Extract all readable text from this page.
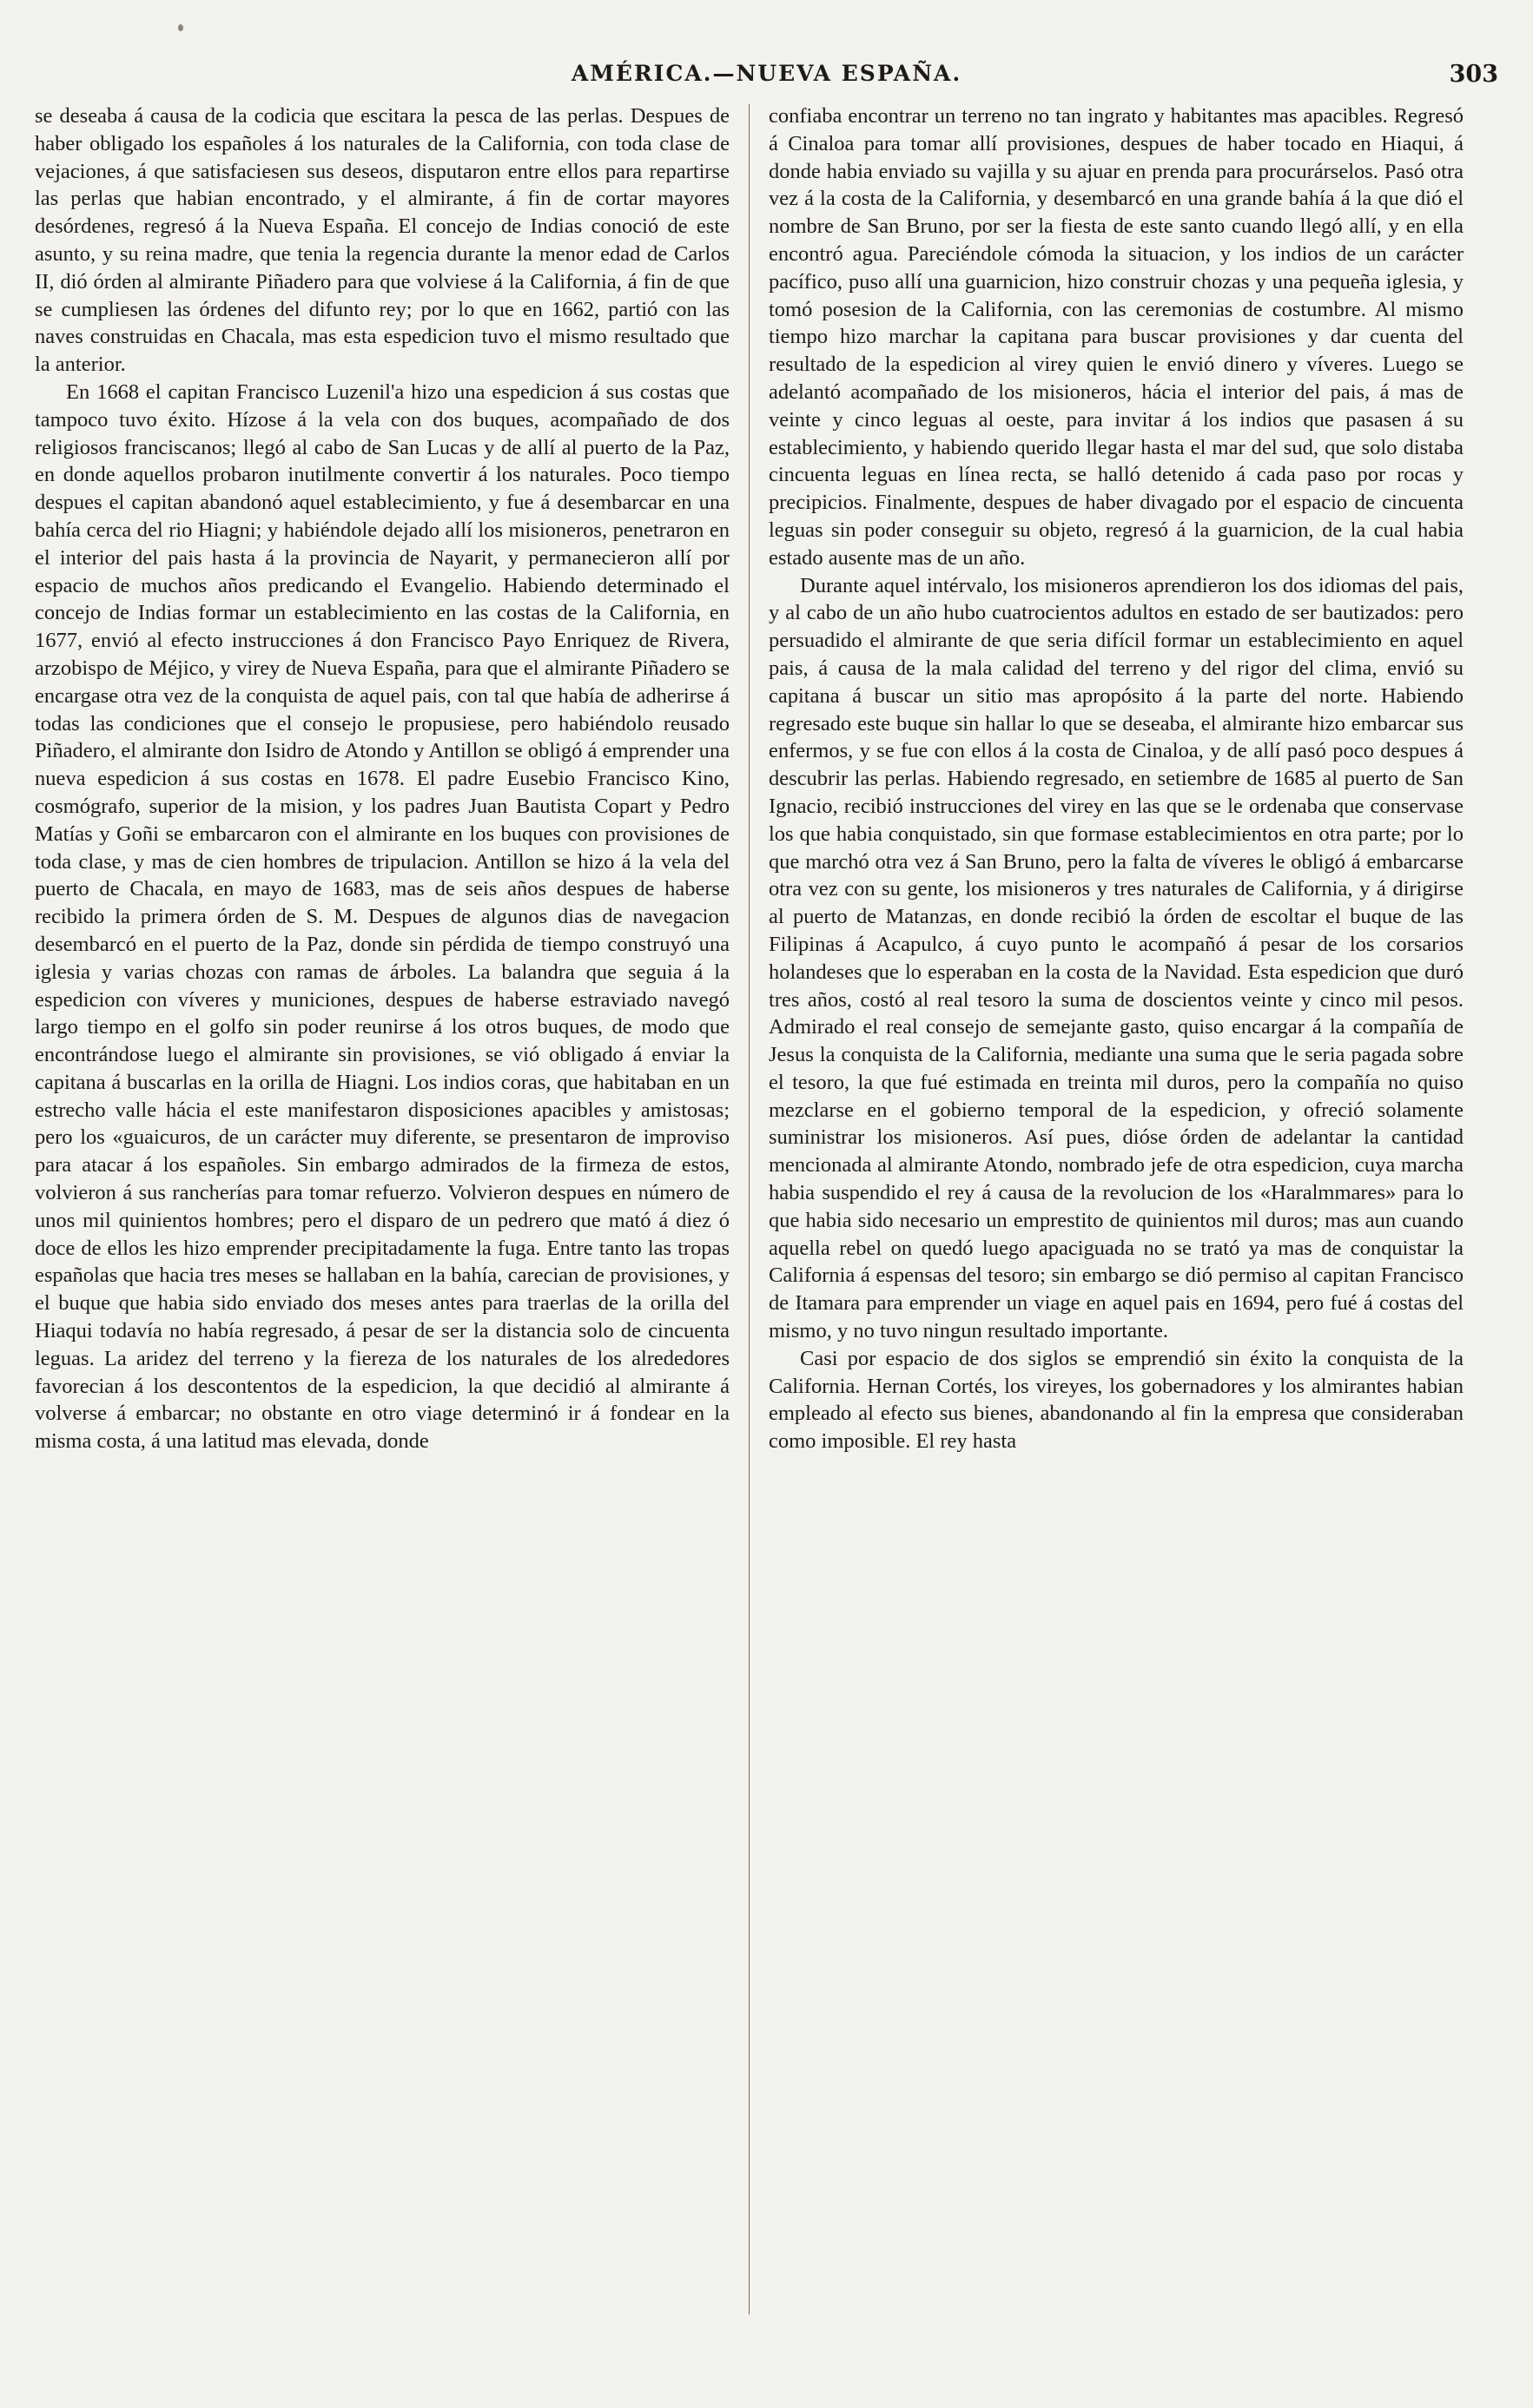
AMÉRICA.—NUEVA ESPAÑA.	303

se deseaba á causa de la codicia que escitara la pesca de las perlas. Despues de haber obligado los españoles á los naturales de la California, con toda clase de vejaciones, á que satisfaciesen sus deseos, disputaron entre ellos para repartirse las perlas que habian encontrado, y el almirante, á fin de cortar mayores desórdenes, regresó á la Nueva España. El concejo de Indias conoció de este asunto, y su reina madre, que tenia la regencia durante la menor edad de Carlos II, dió órden al almirante Piñadero para que volviese á la California, á fin de que se cumpliesen las órdenes del difunto rey; por lo que en 1662, partió con las naves construidas en Chacala, mas esta espedicion tuvo el mismo resultado que la anterior.

En 1668 el capitan Francisco Luzenil'a hizo una espedicion á sus costas que tampoco tuvo éxito. Hízose á la vela con dos buques, acompañado de dos religiosos franciscanos; llegó al cabo de San Lucas y de allí al puerto de la Paz, en donde aquellos probaron inutilmente convertir á los naturales. Poco tiempo despues el capitan abandonó aquel establecimiento, y fue á desembarcar en una bahía cerca del rio Hiagni; y habiéndole dejado allí los misioneros, penetraron en el interior del pais hasta á la provincia de Nayarit, y permanecieron allí por espacio de muchos años predicando el Evangelio. Habiendo determinado el concejo de Indias formar un establecimiento en las costas de la California, en 1677, envió al efecto instrucciones á don Francisco Payo Enriquez de Rivera, arzobispo de Méjico, y virey de Nueva España, para que el almirante Piñadero se encargase otra vez de la conquista de aquel pais, con tal que había de adherirse á todas las condiciones que el consejo le propusiese, pero habiéndolo reusado Piñadero, el almirante don Isidro de Atondo y Antillon se obligó á emprender una nueva espedicion á sus costas en 1678. El padre Eusebio Francisco Kino, cosmógrafo, superior de la mision, y los padres Juan Bautista Copart y Pedro Matías y Goñi se embarcaron con el almirante en los buques con provisiones de toda clase, y mas de cien hombres de tripulacion. Antillon se hizo á la vela del puerto de Chacala, en mayo de 1683, mas de seis años despues de haberse recibido la primera órden de S. M. Despues de algunos dias de navegacion desembarcó en el puerto de la Paz, donde sin pérdida de tiempo construyó una iglesia y varias chozas con ramas de árboles. La balandra que seguia á la espedicion con víveres y municiones, despues de haberse estraviado navegó largo tiempo en el golfo sin poder reunirse á los otros buques, de modo que encontrándose luego el almirante sin provisiones, se vió obligado á enviar la capitana á buscarlas en la orilla de Hiagni. Los indios coras, que habitaban en un estrecho valle hácia el este manifestaron disposiciones apacibles y amistosas; pero los «guaicuros, de un carácter muy diferente, se presentaron de improviso para atacar á los españoles. Sin embargo admirados de la firmeza de estos, volvieron á sus rancherías para tomar refuerzo. Volvieron despues en número de unos mil quinientos hombres; pero el disparo de un pedrero que mató á diez ó doce de ellos les hizo emprender precipitadamente la fuga. Entre tanto las tropas españolas que hacia tres meses se hallaban en la bahía, carecian de provisiones, y el buque que habia sido enviado dos meses antes para traerlas de la orilla del Hiaqui todavía no había regresado, á pesar de ser la distancia solo de cincuenta leguas. La aridez del terreno y la fiereza de los naturales de los alrededores favorecian á los descontentos de la espedicion, la que decidió al almirante á volverse á embarcar; no obstante en otro viage determinó ir á fondear en la misma costa, á una latitud mas elevada, donde

confiaba encontrar un terreno no tan ingrato y habitantes mas apacibles. Regresó á Cinaloa para tomar allí provisiones, despues de haber tocado en Hiaqui, á donde habia enviado su vajilla y su ajuar en prenda para procurárselos. Pasó otra vez á la costa de la California, y desembarcó en una grande bahía á la que dió el nombre de San Bruno, por ser la fiesta de este santo cuando llegó allí, y en ella encontró agua. Pareciéndole cómoda la situacion, y los indios de un carácter pacífico, puso allí una guarnicion, hizo construir chozas y una pequeña iglesia, y tomó posesion de la California, con las ceremonias de costumbre. Al mismo tiempo hizo marchar la capitana para buscar provisiones y dar cuenta del resultado de la espedicion al virey quien le envió dinero y víveres. Luego se adelantó acompañado de los misioneros, hácia el interior del pais, á mas de veinte y cinco leguas al oeste, para invitar á los indios que pasasen á su establecimiento, y habiendo querido llegar hasta el mar del sud, que solo distaba cincuenta leguas en línea recta, se halló detenido á cada paso por rocas y precipicios. Finalmente, despues de haber divagado por el espacio de cincuenta leguas sin poder conseguir su objeto, regresó á la guarnicion, de la cual habia estado ausente mas de un año.

Durante aquel intérvalo, los misioneros aprendieron los dos idiomas del pais, y al cabo de un año hubo cuatrocientos adultos en estado de ser bautizados: pero persuadido el almirante de que seria difícil formar un establecimiento en aquel pais, á causa de la mala calidad del terreno y del rigor del clima, envió su capitana á buscar un sitio mas apropósito á la parte del norte. Habiendo regresado este buque sin hallar lo que se deseaba, el almirante hizo embarcar sus enfermos, y se fue con ellos á la costa de Cinaloa, y de allí pasó poco despues á descubrir las perlas. Habiendo regresado, en setiembre de 1685 al puerto de San Ignacio, recibió instrucciones del virey en las que se le ordenaba que conservase los que habia conquistado, sin que formase establecimientos en otra parte; por lo que marchó otra vez á San Bruno, pero la falta de víveres le obligó á embarcarse otra vez con su gente, los misioneros y tres naturales de California, y á dirigirse al puerto de Matanzas, en donde recibió la órden de escoltar el buque de las Filipinas á Acapulco, á cuyo punto le acompañó á pesar de los corsarios holandeses que lo esperaban en la costa de la Navidad. Esta espedicion que duró tres años, costó al real tesoro la suma de doscientos veinte y cinco mil pesos. Admirado el real consejo de semejante gasto, quiso encargar á la compañía de Jesus la conquista de la California, mediante una suma que le seria pagada sobre el tesoro, la que fué estimada en treinta mil duros, pero la compañía no quiso mezclarse en el gobierno temporal de la espedicion, y ofreció solamente suministrar los misioneros. Así pues, dióse órden de adelantar la cantidad mencionada al almirante Atondo, nombrado jefe de otra espedicion, cuya marcha habia suspendido el rey á causa de la revolucion de los «Haralmmares» para lo que habia sido necesario un emprestito de quinientos mil duros; mas aun cuando aquella rebel on quedó luego apaciguada no se trató ya mas de conquistar la California á espensas del tesoro; sin embargo se dió permiso al capitan Francisco de Itamara para emprender un viage en aquel pais en 1694, pero fué á costas del mismo, y no tuvo ningun resultado importante.

Casi por espacio de dos siglos se emprendió sin éxito la conquista de la California. Hernan Cortés, los vireyes, los gobernadores y los almirantes habian empleado al efecto sus bienes, abandonando al fin la empresa que consideraban como imposible. El rey hasta
